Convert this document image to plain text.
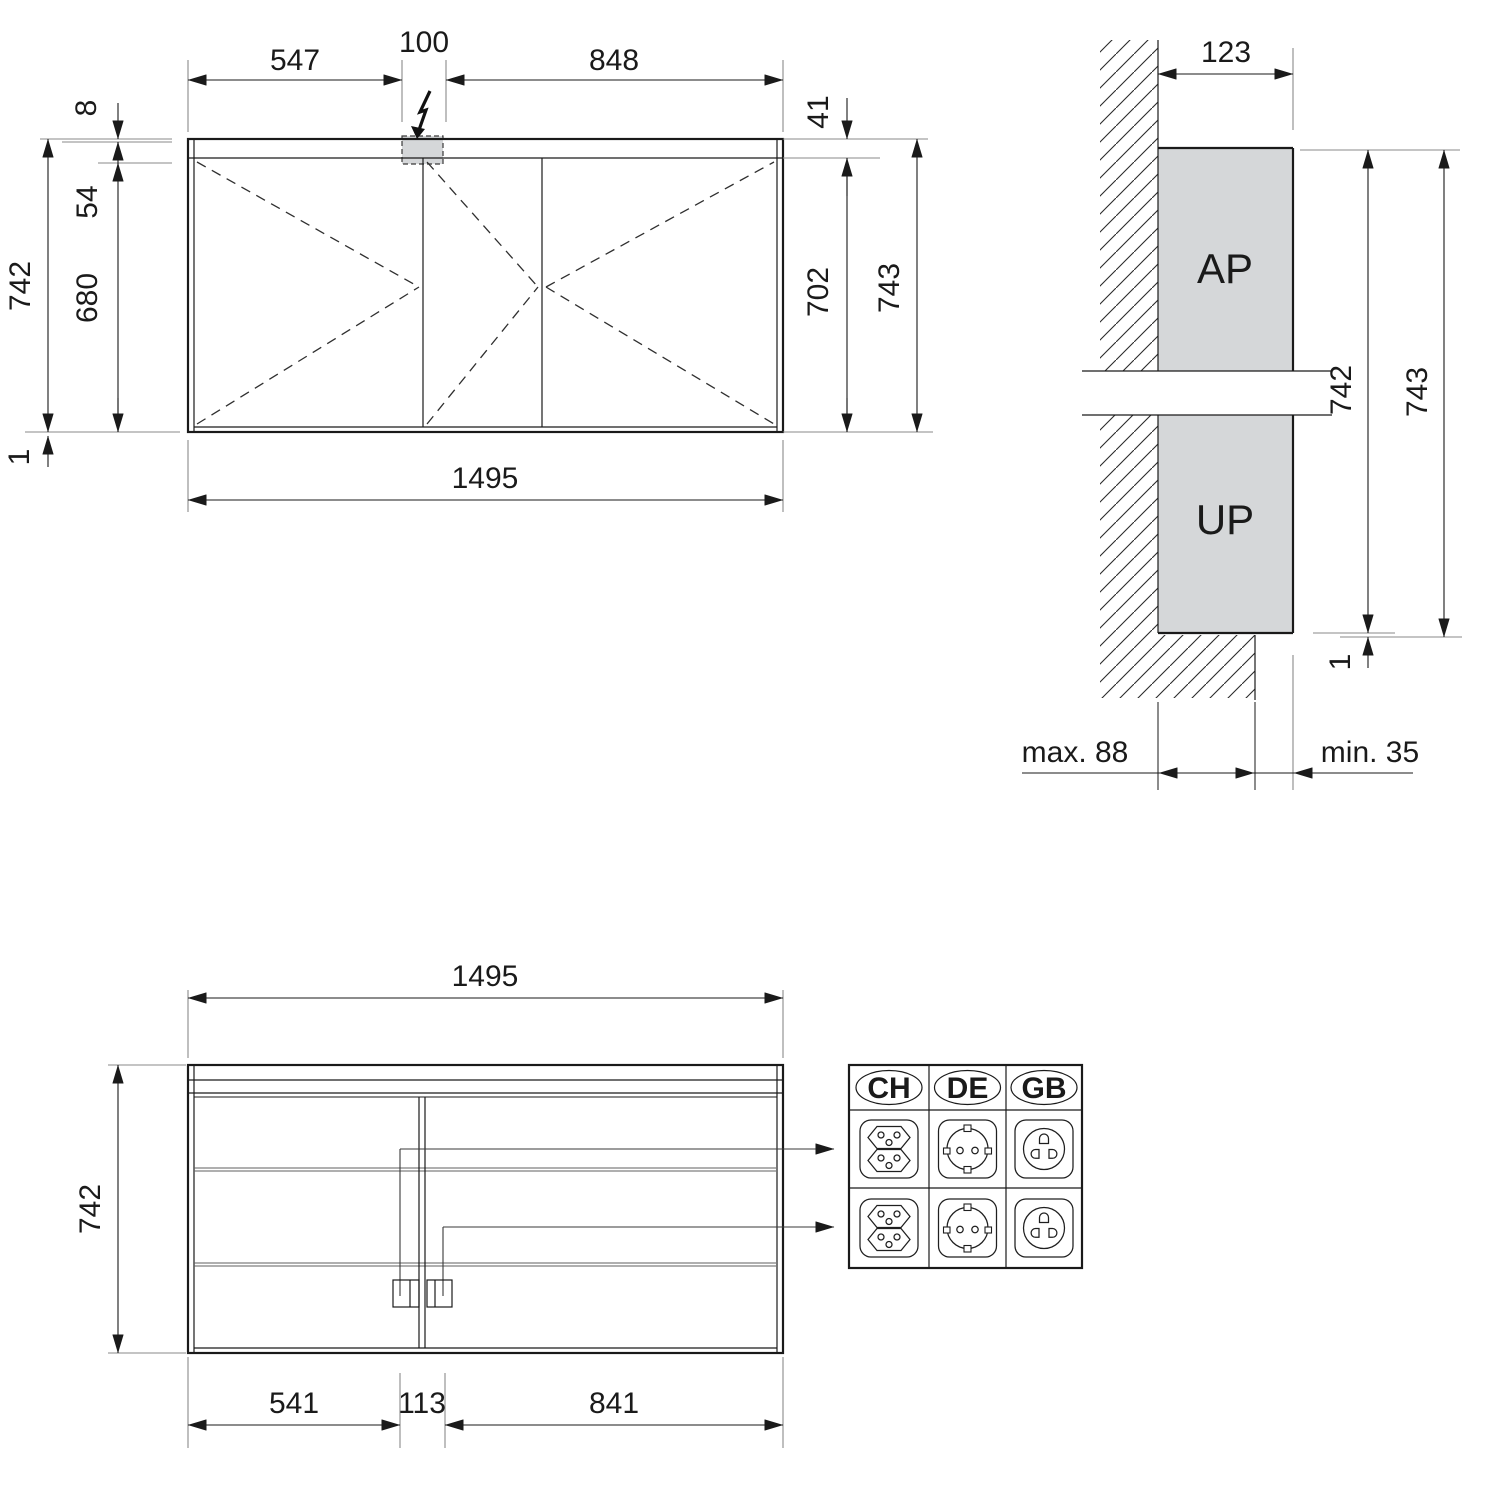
547
100
848
8
54
680
742
1
41
702 743
1495
AP
UP
123
742 743
1
max. 88	min. 35
1495
742
541	113	841
CH DE GB
